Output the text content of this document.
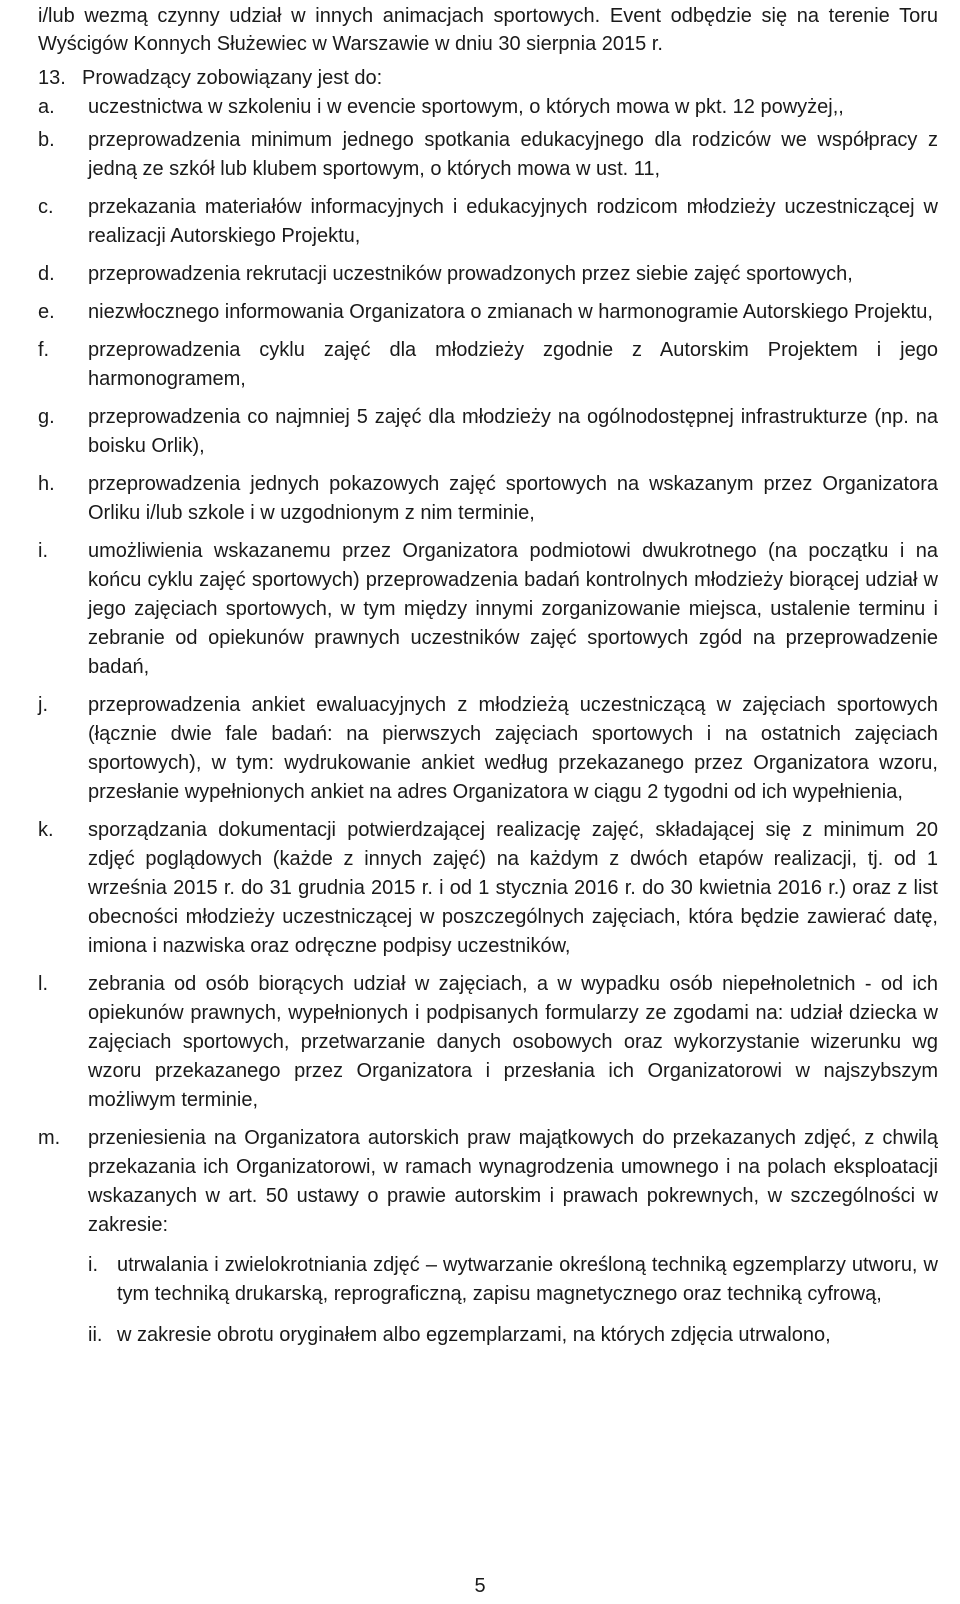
i/lub wezmą czynny udział w innych animacjach sportowych. Event odbędzie się na terenie Toru Wyścigów Konnych Służewiec w Warszawie w dniu 30 sierpnia 2015 r.
13. Prowadzący zobowiązany jest do:
a.	uczestnictwa w szkoleniu i w evencie sportowym, o których mowa w pkt. 12 powyżej,,
b.	przeprowadzenia minimum jednego spotkania edukacyjnego dla rodziców we współpracy z jedną ze szkół lub klubem sportowym, o których mowa w ust. 11,
c.	przekazania materiałów informacyjnych i edukacyjnych rodzicom młodzieży uczestniczącej w realizacji Autorskiego Projektu,
d.	przeprowadzenia rekrutacji uczestników prowadzonych przez siebie zajęć sportowych,
e.	niezwłocznego informowania Organizatora o zmianach w harmonogramie Autorskiego Projektu,
f.	przeprowadzenia cyklu zajęć dla młodzieży zgodnie z Autorskim Projektem i jego harmonogramem,
g.	przeprowadzenia co najmniej 5 zajęć dla młodzieży na ogólnodostępnej infrastrukturze (np. na boisku Orlik),
h.	przeprowadzenia jednych pokazowych zajęć sportowych na wskazanym przez Organizatora Orliku i/lub szkole i w uzgodnionym z nim terminie,
i.	umożliwienia wskazanemu przez Organizatora podmiotowi dwukrotnego (na początku i na końcu cyklu zajęć sportowych) przeprowadzenia badań kontrolnych młodzieży biorącej udział w jego zajęciach sportowych, w tym między innymi zorganizowanie miejsca, ustalenie terminu i zebranie od opiekunów prawnych uczestników zajęć sportowych zgód na przeprowadzenie badań,
j.	przeprowadzenia ankiet ewaluacyjnych z młodzieżą uczestniczącą w zajęciach sportowych (łącznie dwie fale badań: na pierwszych zajęciach sportowych i na ostatnich zajęciach sportowych), w tym: wydrukowanie ankiet według przekazanego przez Organizatora wzoru, przesłanie wypełnionych ankiet na adres Organizatora w ciągu 2 tygodni od ich wypełnienia,
k.	sporządzania dokumentacji potwierdzającej realizację zajęć, składającej się z minimum 20 zdjęć poglądowych (każde z innych zajęć) na każdym z dwóch etapów realizacji, tj. od 1 września 2015 r. do 31 grudnia 2015 r. i od 1 stycznia 2016 r. do 30 kwietnia 2016 r.) oraz z list obecności młodzieży uczestniczącej w poszczególnych zajęciach, która będzie zawierać datę, imiona i nazwiska oraz odręczne podpisy uczestników,
l.	zebrania od osób biorących udział w zajęciach, a w wypadku osób niepełnoletnich - od ich opiekunów prawnych, wypełnionych i podpisanych formularzy ze zgodami na: udział dziecka w zajęciach sportowych, przetwarzanie danych osobowych oraz wykorzystanie wizerunku wg wzoru przekazanego przez Organizatora i przesłania ich Organizatorowi w najszybszym możliwym terminie,
m.	przeniesienia na Organizatora autorskich praw majątkowych do przekazanych zdjęć, z chwilą przekazania ich Organizatorowi, w ramach wynagrodzenia umownego i na polach eksploatacji wskazanych w art. 50 ustawy o prawie autorskim i prawach pokrewnych, w szczególności w zakresie:
i. utrwalania i zwielokrotniania zdjęć – wytwarzanie określoną techniką egzemplarzy utworu, w tym techniką drukarską, reprograficzną, zapisu magnetycznego oraz techniką cyfrową,
ii. w zakresie obrotu oryginałem albo egzemplarzami, na których zdjęcia utrwalono,
5
